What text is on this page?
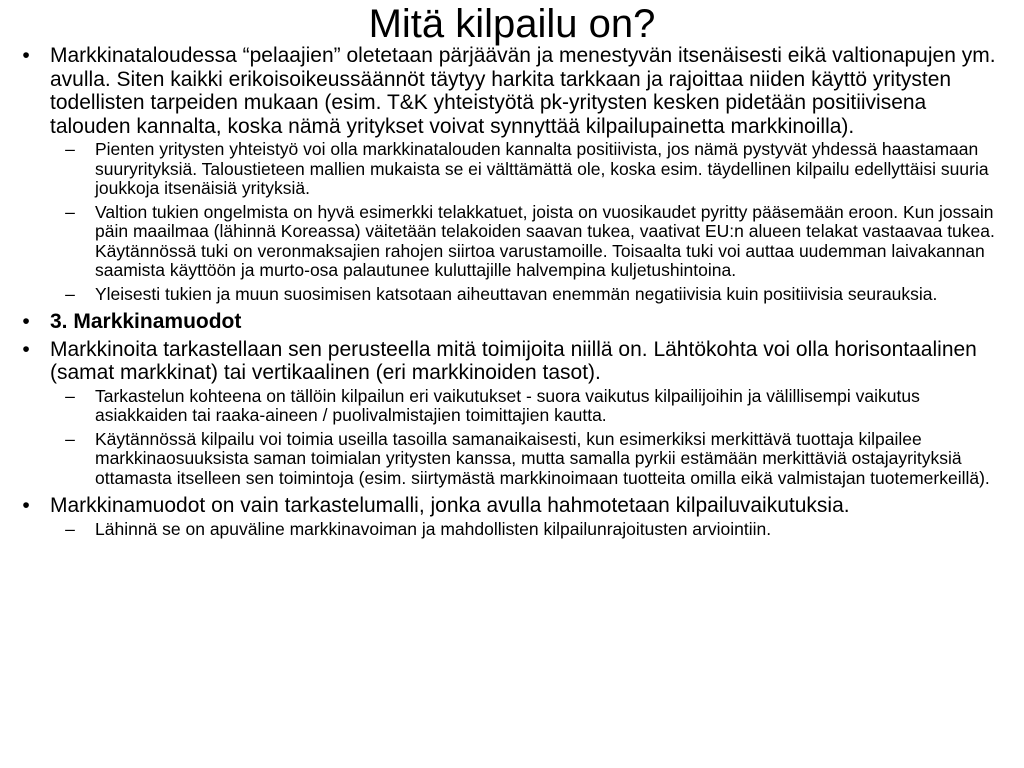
Mitä kilpailu on?
• Markkinataloudessa “pelaajien” oletetaan pärjäävän ja menestyvän itsenäisesti eikä valtionapujen ym. avulla. Siten kaikki erikoisoikeussäännöt täytyy harkita tarkkaan ja rajoittaa niiden käyttö yritysten todellisten tarpeiden mukaan (esim. T&K yhteistyötä pk-yritysten kesken pidetään positiivisena talouden kannalta, koska nämä yritykset voivat synnyttää kilpailupainetta markkinoilla).
– Pienten yritysten yhteistyö voi olla markkinatalouden kannalta positiivista, jos nämä pystyvät yhdessä haastamaan suuryrityksiä. Taloustieteen mallien mukaista se ei välttämättä ole, koska esim. täydellinen kilpailu edellyttäisi suuria joukkoja itsenäisiä yrityksiä.
– Valtion tukien ongelmista on hyvä esimerkki telakkatuet, joista on vuosikaudet pyritty pääsemään eroon. Kun jossain päin maailmaa (lähinnä Koreassa) väitetään telakoiden saavan tukea, vaativat EU:n alueen telakat vastaavaa tukea. Käytännössä tuki on veronmaksajien rahojen siirtoa varustamoille. Toisaalta tuki voi auttaa uudemman laivakannan saamista käyttöön ja murto-osa palautunee kuluttajille halvempina kuljetushintoina.
– Yleisesti tukien ja muun suosimisen katsotaan aiheuttavan enemmän negatiivisia kuin positiivisia seurauksia.
• 3. Markkinamuodot
• Markkinoita tarkastellaan sen perusteella mitä toimijoita niillä on. Lähtökohta voi olla horisontaalinen (samat markkinat) tai vertikaalinen (eri markkinoiden tasot).
– Tarkastelun kohteena on tällöin kilpailun eri vaikutukset - suora vaikutus kilpailijoihin ja välillisempi vaikutus asiakkaiden tai raaka-aineen / puolivalmistajien toimittajien kautta.
– Käytännössä kilpailu voi toimia useilla tasoilla samanaikaisesti, kun esimerkiksi merkittävä tuottaja kilpailee markkinaosuuksista saman toimialan yritysten kanssa, mutta samalla pyrkii estämään merkittäviä ostajayrityksiä ottamasta itselleen sen toimintoja (esim. siirtymästä markkinoimaan tuotteita omilla eikä valmistajan tuotemerkeillä).
• Markkinamuodot on vain tarkastelumalli, jonka avulla hahmotetaan kilpailuvaikutuksia.
– Lähinnä se on apuväline markkinavoiman ja mahdollisten kilpailunrajoitusten arviointiin.
